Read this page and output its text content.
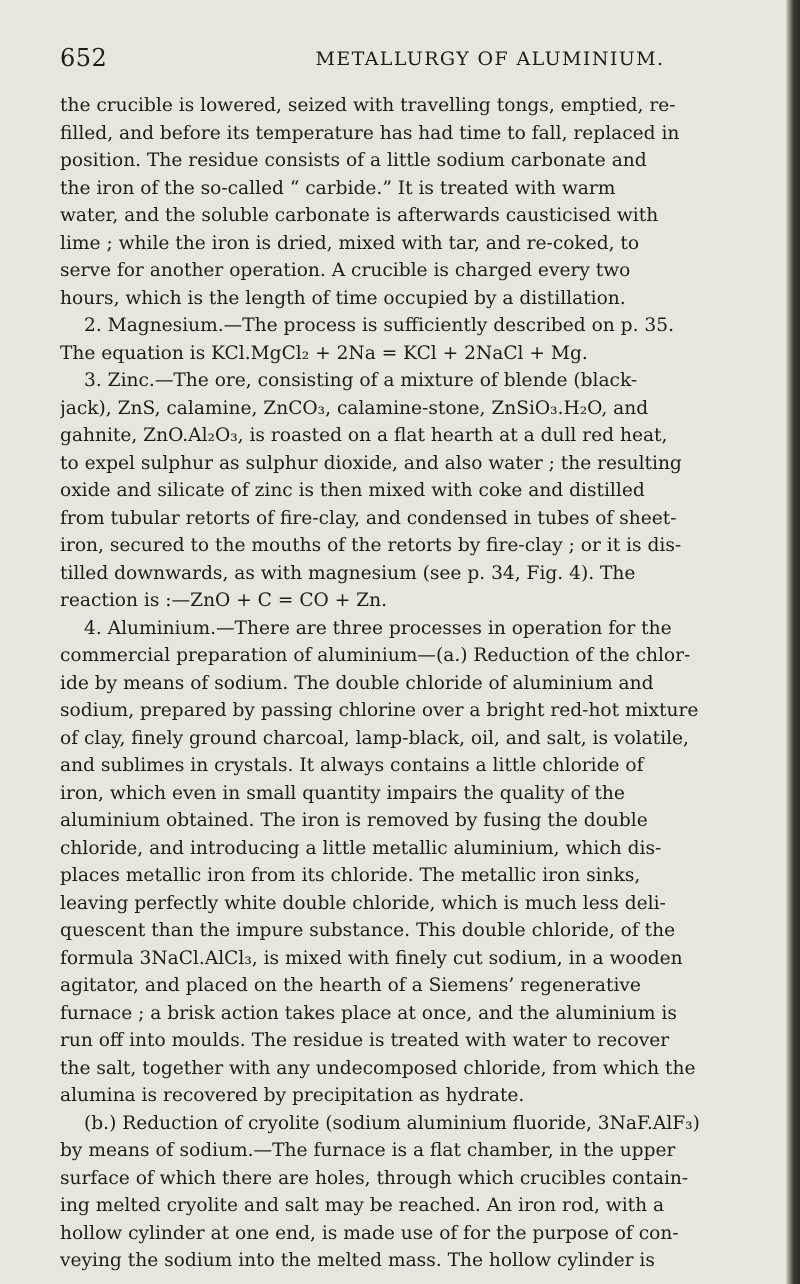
652	METALLURGY OF ALUMINIUM.
the crucible is lowered, seized with travelling tongs, emptied, re-
filled, and before its temperature has had time to fall, replaced in
position. The residue consists of a little sodium carbonate and
the iron of the so-called “ carbide.” It is treated with warm
water, and the soluble carbonate is afterwards causticised with
lime ; while the iron is dried, mixed with tar, and re-coked, to
serve for another operation. A crucible is charged every two
hours, which is the length of time occupied by a distillation.
2. Magnesium.—The process is sufficiently described on p. 35.
The equation is KCl.MgCl₂ + 2Na = KCl + 2NaCl + Mg.
3. Zinc.—The ore, consisting of a mixture of blende (black-
jack), ZnS, calamine, ZnCO₃, calamine-stone, ZnSiO₃.H₂O, and
gahnite, ZnO.Al₂O₃, is roasted on a flat hearth at a dull red heat,
to expel sulphur as sulphur dioxide, and also water ; the resulting
oxide and silicate of zinc is then mixed with coke and distilled
from tubular retorts of fire-clay, and condensed in tubes of sheet-
iron, secured to the mouths of the retorts by fire-clay ; or it is dis-
tilled downwards, as with magnesium (see p. 34, Fig. 4). The
reaction is :—ZnO + C = CO + Zn.
4. Aluminium.—There are three processes in operation for the
commercial preparation of aluminium—(a.) Reduction of the chlor-
ide by means of sodium. The double chloride of aluminium and
sodium, prepared by passing chlorine over a bright red-hot mixture
of clay, finely ground charcoal, lamp-black, oil, and salt, is volatile,
and sublimes in crystals. It always contains a little chloride of
iron, which even in small quantity impairs the quality of the
aluminium obtained. The iron is removed by fusing the double
chloride, and introducing a little metallic aluminium, which dis-
places metallic iron from its chloride. The metallic iron sinks,
leaving perfectly white double chloride, which is much less deli-
quescent than the impure substance. This double chloride, of the
formula 3NaCl.AlCl₃, is mixed with finely cut sodium, in a wooden
agitator, and placed on the hearth of a Siemens’ regenerative
furnace ; a brisk action takes place at once, and the aluminium is
run off into moulds. The residue is treated with water to recover
the salt, together with any undecomposed chloride, from which the
alumina is recovered by precipitation as hydrate.
(b.) Reduction of cryolite (sodium aluminium fluoride, 3NaF.AlF₃)
by means of sodium.—The furnace is a flat chamber, in the upper
surface of which there are holes, through which crucibles contain-
ing melted cryolite and salt may be reached. An iron rod, with a
hollow cylinder at one end, is made use of for the purpose of con-
veying the sodium into the melted mass. The hollow cylinder is
